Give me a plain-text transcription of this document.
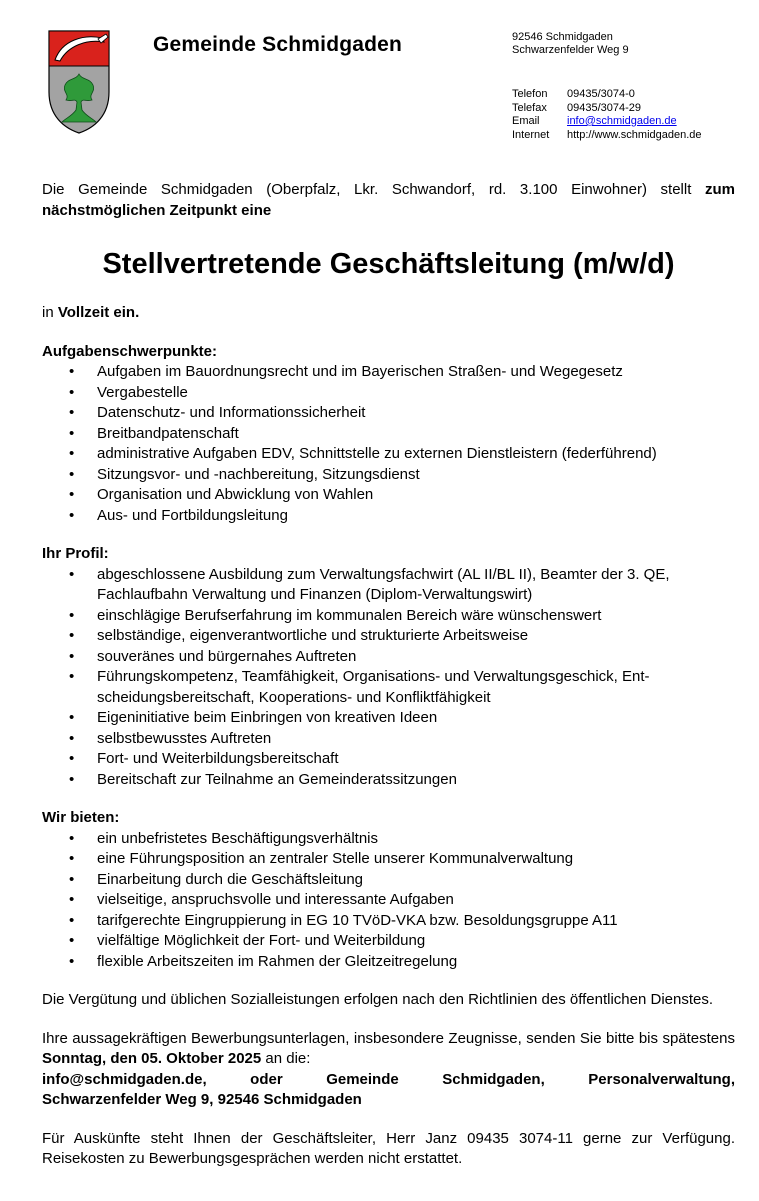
Gemeinde Schmidgaden	92546 Schmidgaden
Schwarzenfelder Weg 9
Telefon	09435/3074-0
Telefax	09435/3074-29
Email	info@schmidgaden.de
Internet	http://www.schmidgaden.de
Die Gemeinde Schmidgaden (Oberpfalz, Lkr. Schwandorf, rd. 3.100 Einwohner) stellt zum nächstmöglichen Zeitpunkt eine
Stellvertretende Geschäftsleitung (m/w/d)
in Vollzeit ein.
Aufgabenschwerpunkte:
• Aufgaben im Bauordnungsrecht und im Bayerischen Straßen- und Wegegesetz
• Vergabestelle
• Datenschutz- und Informationssicherheit
• Breitbandpatenschaft
• administrative Aufgaben EDV, Schnittstelle zu externen Dienstleistern (federführend)
• Sitzungsvor- und -nachbereitung, Sitzungsdienst
• Organisation und Abwicklung von Wahlen
• Aus- und Fortbildungsleitung
Ihr Profil:
• abgeschlossene Ausbildung zum Verwaltungsfachwirt (AL II/BL II), Beamter der 3. QE, Fachlaufbahn Verwaltung und Finanzen (Diplom-Verwaltungswirt)
• einschlägige Berufserfahrung im kommunalen Bereich wäre wünschenswert
• selbständige, eigenverantwortliche und strukturierte Arbeitsweise
• souveränes und bürgernahes Auftreten
• Führungskompetenz, Teamfähigkeit, Organisations- und Verwaltungsgeschick, Ent-scheidungsbereitschaft, Kooperations- und Konfliktfähigkeit
• Eigeninitiative beim Einbringen von kreativen Ideen
• selbstbewusstes Auftreten
• Fort- und Weiterbildungsbereitschaft
• Bereitschaft zur Teilnahme an Gemeinderatssitzungen
Wir bieten:
• ein unbefristetes Beschäftigungsverhältnis
• eine Führungsposition an zentraler Stelle unserer Kommunalverwaltung
• Einarbeitung durch die Geschäftsleitung
• vielseitige, anspruchsvolle und interessante Aufgaben
• tarifgerechte Eingruppierung in EG 10 TVöD-VKA bzw. Besoldungsgruppe A11
• vielfältige Möglichkeit der Fort- und Weiterbildung
• flexible Arbeitszeiten im Rahmen der Gleitzeitregelung
Die Vergütung und üblichen Sozialleistungen erfolgen nach den Richtlinien des öffentlichen Dienstes.
Ihre aussagekräftigen Bewerbungsunterlagen, insbesondere Zeugnisse, senden Sie bitte bis spätestens Sonntag, den 05. Oktober 2025 an die:
info@schmidgaden.de, oder Gemeinde Schmidgaden, Personalverwaltung,
Schwarzenfelder Weg 9, 92546 Schmidgaden
Für Auskünfte steht Ihnen der Geschäftsleiter, Herr Janz 09435 3074-11 gerne zur Verfügung. Reisekosten zu Bewerbungsgesprächen werden nicht erstattet.
